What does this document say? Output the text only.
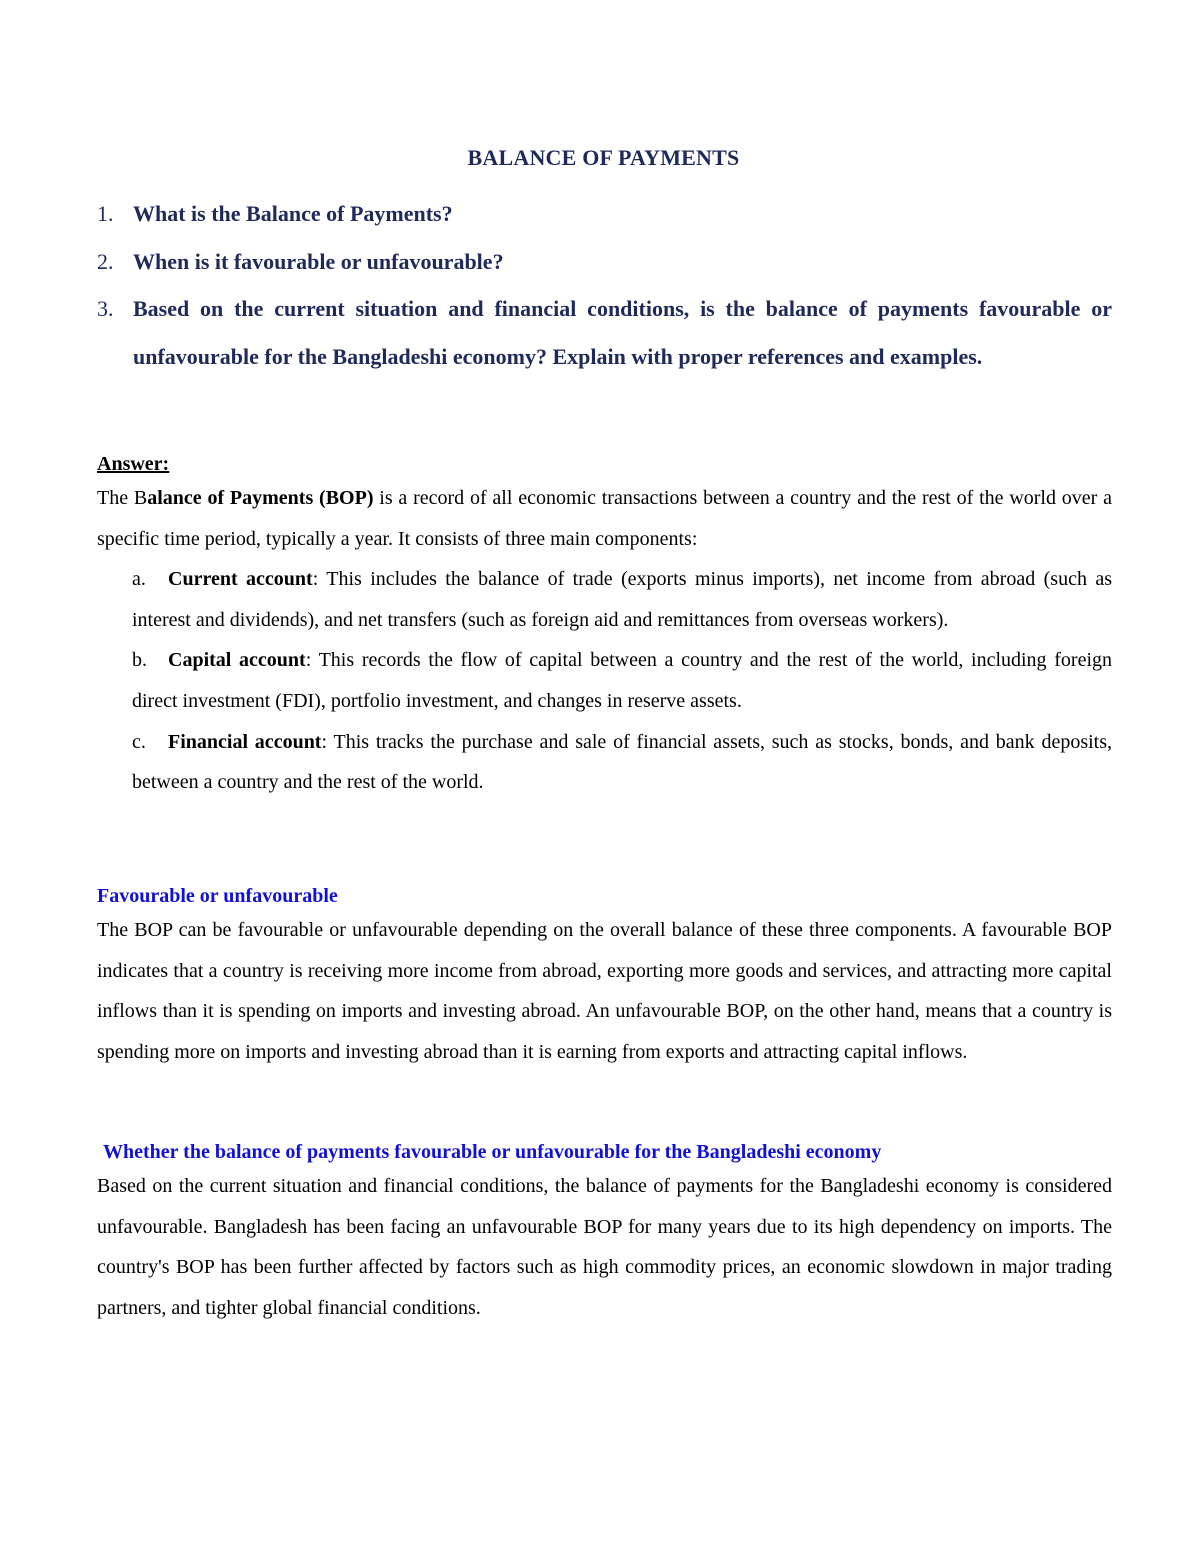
BALANCE OF PAYMENTS
1. What is the Balance of Payments?
2. When is it favourable or unfavourable?
3. Based on the current situation and financial conditions, is the balance of payments favourable or unfavourable for the Bangladeshi economy? Explain with proper references and examples.
Answer:
The Balance of Payments (BOP) is a record of all economic transactions between a country and the rest of the world over a specific time period, typically a year. It consists of three main components:
a.	Current account: This includes the balance of trade (exports minus imports), net income from abroad (such as interest and dividends), and net transfers (such as foreign aid and remittances from overseas workers).
b.	Capital account: This records the flow of capital between a country and the rest of the world, including foreign direct investment (FDI), portfolio investment, and changes in reserve assets.
c.	Financial account: This tracks the purchase and sale of financial assets, such as stocks, bonds, and bank deposits, between a country and the rest of the world.
Favourable or unfavourable
The BOP can be favourable or unfavourable depending on the overall balance of these three components. A favourable BOP indicates that a country is receiving more income from abroad, exporting more goods and services, and attracting more capital inflows than it is spending on imports and investing abroad. An unfavourable BOP, on the other hand, means that a country is spending more on imports and investing abroad than it is earning from exports and attracting capital inflows.
Whether the balance of payments favourable or unfavourable for the Bangladeshi economy
Based on the current situation and financial conditions, the balance of payments for the Bangladeshi economy is considered unfavourable. Bangladesh has been facing an unfavourable BOP for many years due to its high dependency on imports. The country's BOP has been further affected by factors such as high commodity prices, an economic slowdown in major trading partners, and tighter global financial conditions.
